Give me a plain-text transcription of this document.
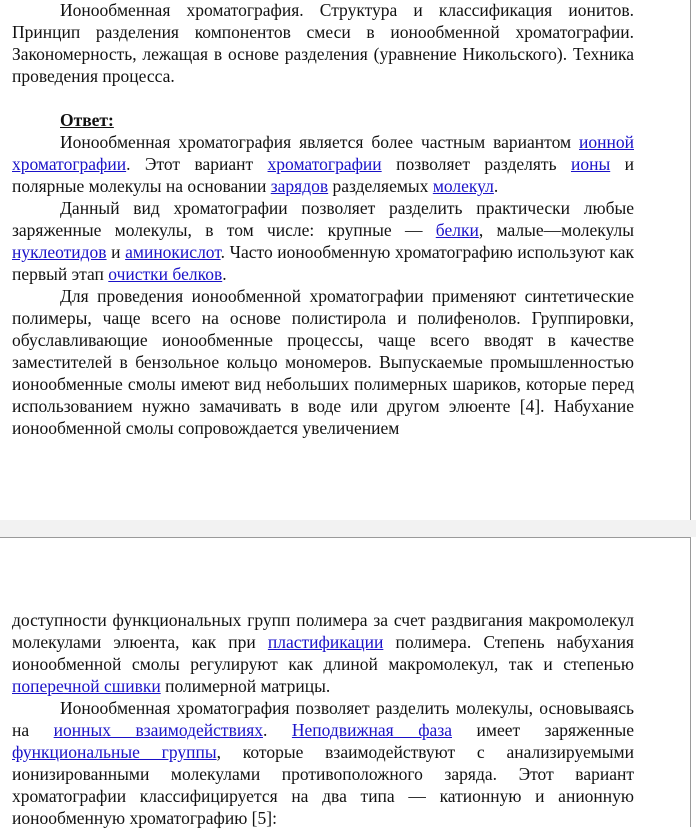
Ионообменная хроматография. Структура и классификация ионитов. Принцип разделения компонентов смеси в ионообменной хроматографии. Закономерность, лежащая в основе разделения (уравнение Никольского). Техника проведения процесса.

Ответ:

Ионообменная хроматография является более частным вариантом ионной хроматографии. Этот вариант хроматографии позволяет разделять ионы и полярные молекулы на основании зарядов разделяемых молекул.

Данный вид хроматографии позволяет разделить практически любые заряженные молекулы, в том числе: крупные — белки, малые—молекулы нуклеотидов и аминокислот. Часто ионообменную хроматографию используют как первый этап очистки белков.

Для проведения ионообменной хроматографии применяют синтетические полимеры, чаще всего на основе полистирола и полифенолов. Группировки, обуславливающие ионообменные процессы, чаще всего вводят в качестве заместителей в бензольное кольцо мономеров. Выпускаемые промышленностью ионообменные смолы имеют вид небольших полимерных шариков, которые перед использованием нужно замачивать в воде или другом элюенте [4]. Набухание ионообменной смолы сопровождается увеличением

доступности функциональных групп полимера за счет раздвигания макромолекул молекулами элюента, как при пластификации полимера. Степень набухания ионообменной смолы регулируют как длиной макромолекул, так и степенью поперечной сшивки полимерной матрицы.

Ионообменная хроматография позволяет разделить молекулы, основываясь на ионных взаимодействиях. Неподвижная фаза имеет заряженные функциональные группы, которые взаимодействуют с анализируемыми ионизированными молекулами противоположного заряда. Этот вариант хроматографии классифицируется на два типа — катионную и анионную ионообменную хроматографию [5]:
